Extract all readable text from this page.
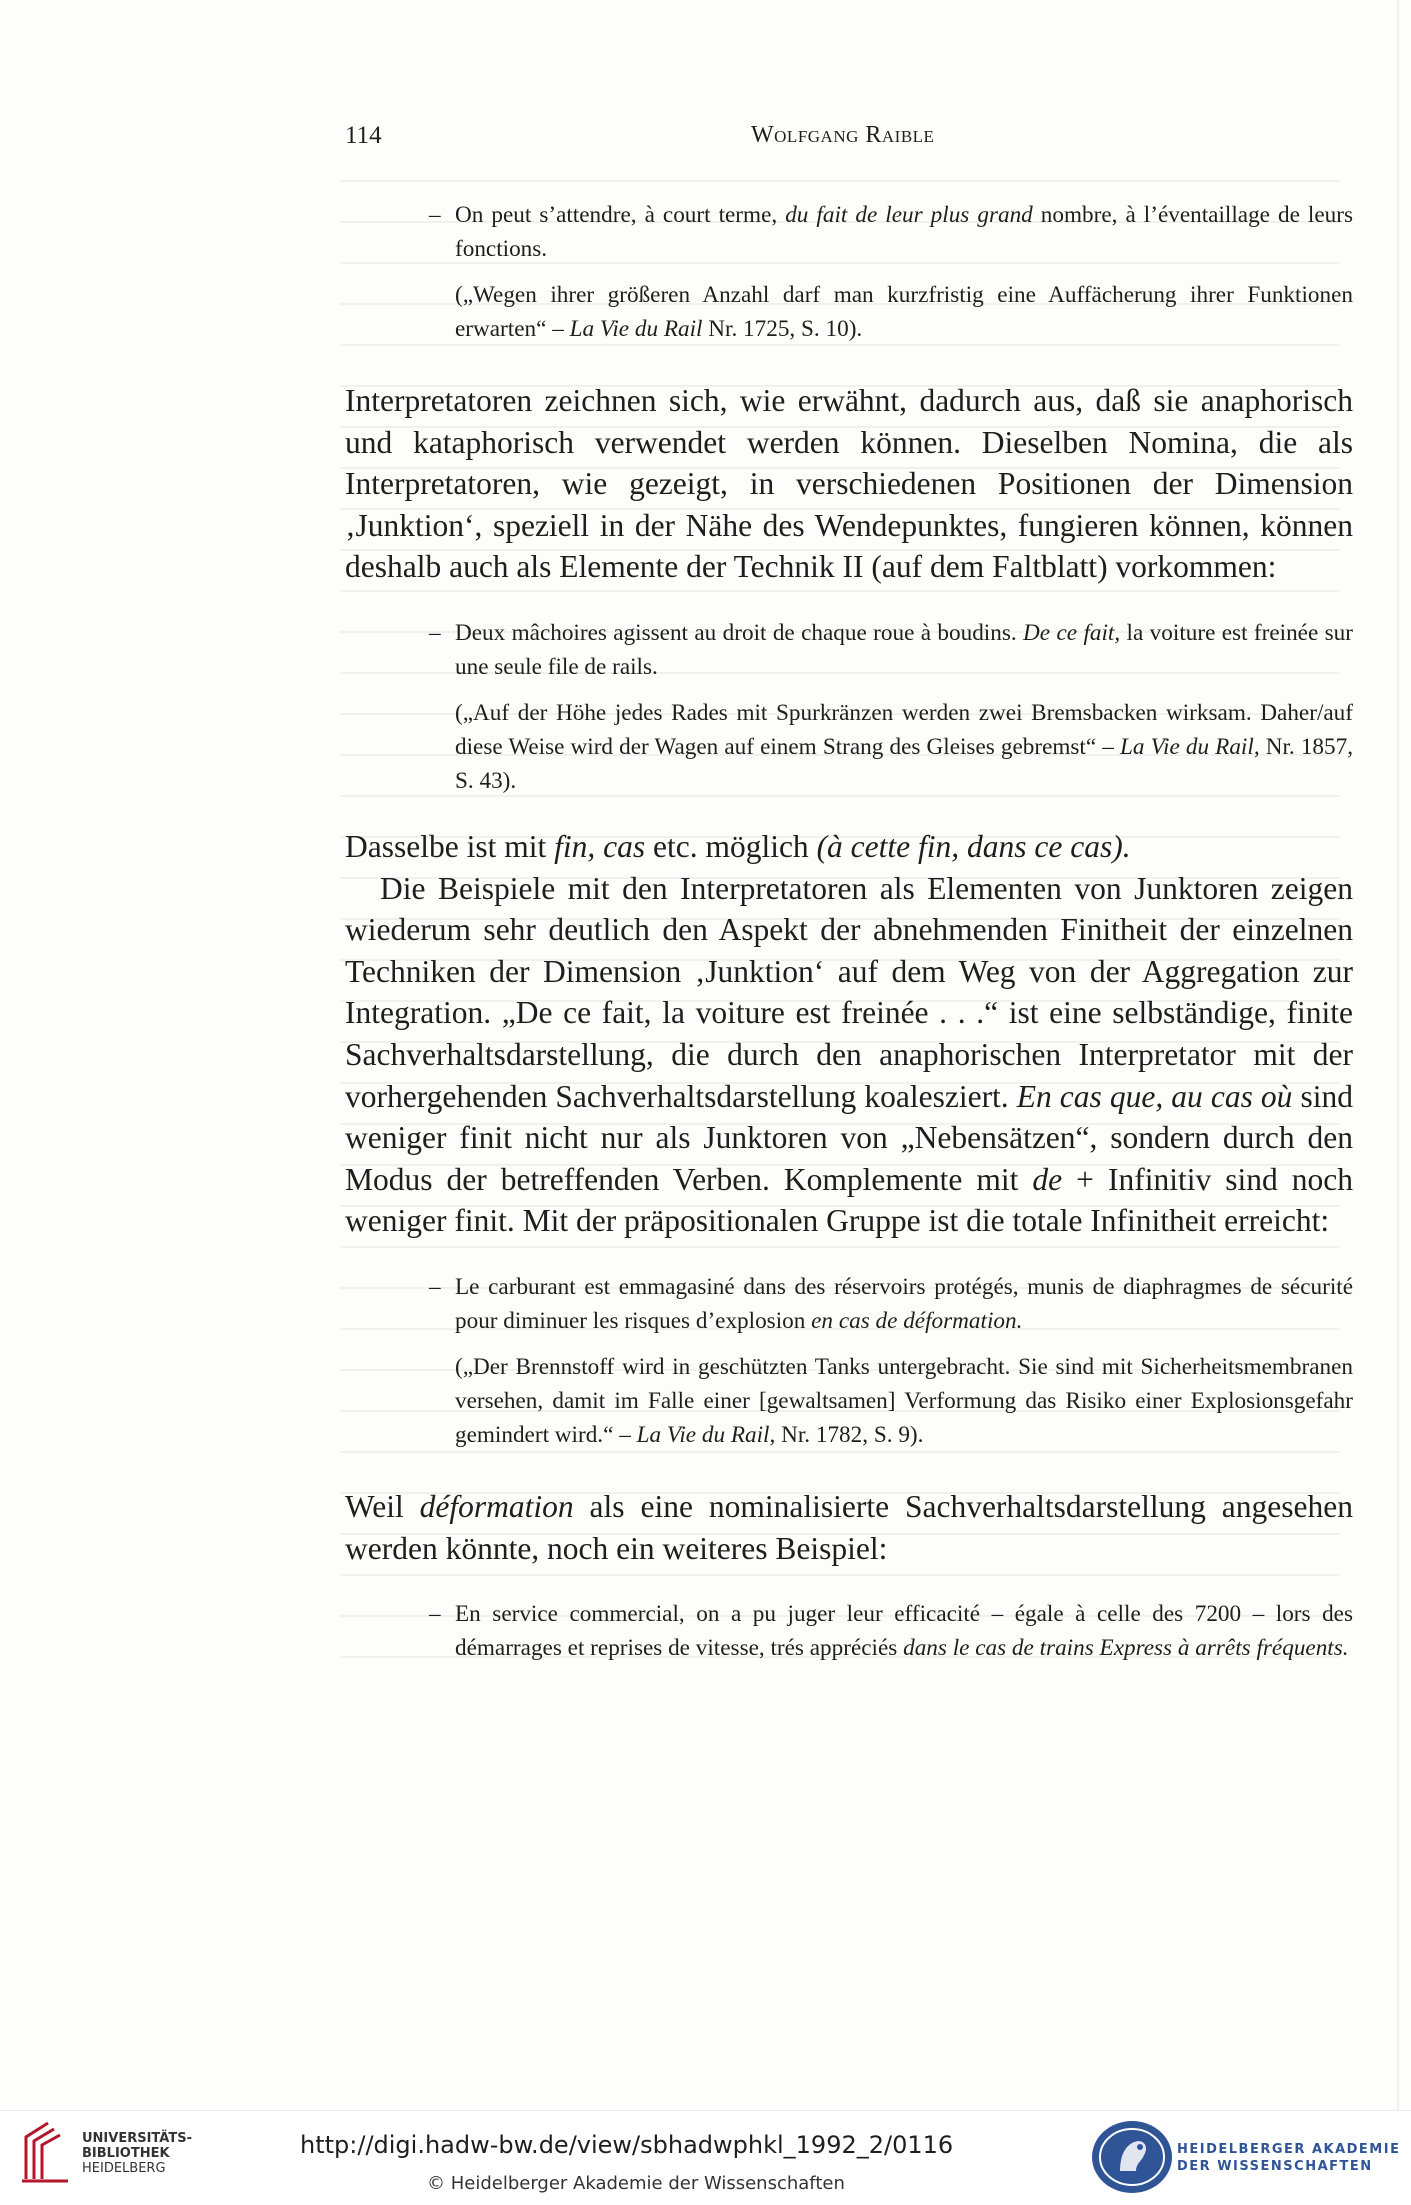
114	Wolfgang Raible
– On peut s’attendre, à court terme, du fait de leur plus grand nombre, à l’éventaillage de leurs fonctions.
(„Wegen ihrer größeren Anzahl darf man kurzfristig eine Auffächerung ihrer Funktionen erwarten“ – La Vie du Rail Nr. 1725, S. 10).

Interpretatoren zeichnen sich, wie erwähnt, dadurch aus, daß sie anaphorisch und kataphorisch verwendet werden können. Dieselben Nomina, die als Interpretatoren, wie gezeigt, in verschiedenen Positionen der Dimension ‚Junktion‘, speziell in der Nähe des Wendepunktes, fungieren können, können deshalb auch als Elemente der Technik II (auf dem Faltblatt) vorkommen:

– Deux mâchoires agissent au droit de chaque roue à boudins. De ce fait, la voiture est freinée sur une seule file de rails.
(„Auf der Höhe jedes Rades mit Spurkränzen werden zwei Bremsbacken wirksam. Daher/auf diese Weise wird der Wagen auf einem Strang des Gleises gebremst“ – La Vie du Rail, Nr. 1857, S. 43).

Dasselbe ist mit fin, cas etc. möglich (à cette fin, dans ce cas).

Die Beispiele mit den Interpretatoren als Elementen von Junktoren zeigen wiederum sehr deutlich den Aspekt der abnehmenden Finitheit der einzelnen Techniken der Dimension ‚Junktion‘ auf dem Weg von der Aggregation zur Integration. „De ce fait, la voiture est freinée . . .“ ist eine selbständige, finite Sachverhaltsdarstellung, die durch den anaphorischen Interpretator mit der vorhergehenden Sachverhaltsdarstellung koalesziert. En cas que, au cas où sind weniger finit nicht nur als Junktoren von „Nebensätzen“, sondern durch den Modus der betreffenden Verben. Komplemente mit de + Infinitiv sind noch weniger finit. Mit der präpositionalen Gruppe ist die totale Infinitheit erreicht:

– Le carburant est emmagasiné dans des réservoirs protégés, munis de diaphragmes de sécurité pour diminuer les risques d’explosion en cas de déformation.
(„Der Brennstoff wird in geschützten Tanks untergebracht. Sie sind mit Sicherheitsmembranen versehen, damit im Falle einer [gewaltsamen] Verformung das Risiko einer Explosionsgefahr gemindert wird.“ – La Vie du Rail, Nr. 1782, S. 9).

Weil déformation als eine nominalisierte Sachverhaltsdarstellung angesehen werden könnte, noch ein weiteres Beispiel:

– En service commercial, on a pu juger leur efficacité – égale à celle des 7200 – lors des démarrages et reprises de vitesse, trés appréciés dans le cas de trains Express à arrêts fréquents.
UNIVERSITÄTS-
BIBLIOTHEK
HEIDELBERG
http://digi.hadw-bw.de/view/sbhadwphkl_1992_2/0116
© Heidelberger Akademie der Wissenschaften
HEIDELBERGER AKADEMIE
DER WISSENSCHAFTEN
